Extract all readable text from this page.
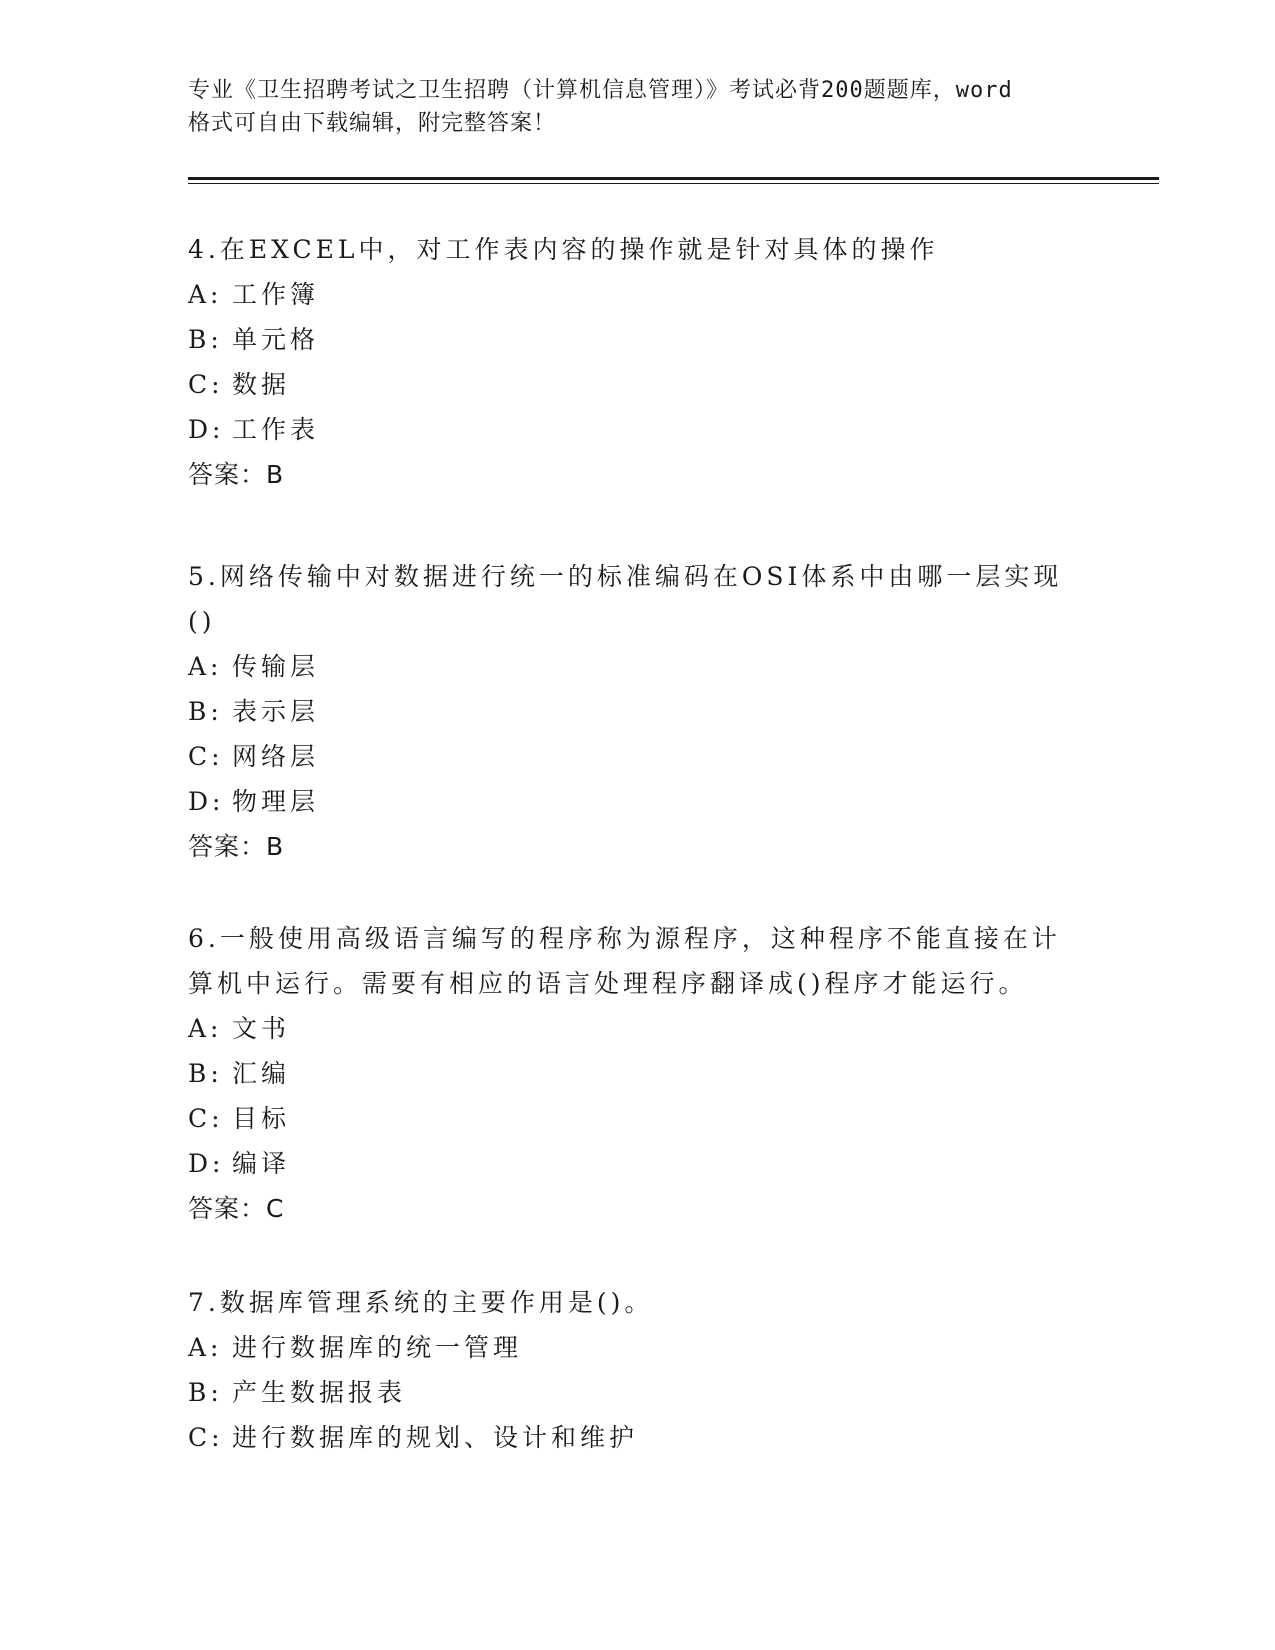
专业《卫生招聘考试之卫生招聘（计算机信息管理）》考试必背200题题库，word
格式可自由下载编辑，附完整答案！

4.在EXCEL中，对工作表内容的操作就是针对具体的操作

A: 工作簿

B: 单元格

C: 数据

D: 工作表

答案：B

5.网络传输中对数据进行统一的标准编码在OSI体系中由哪一层实现()

A: 传输层

B: 表示层

C: 网络层

D: 物理层

答案：B

6.一般使用高级语言编写的程序称为源程序，这种程序不能直接在计算机中运行。需要有相应的语言处理程序翻译成()程序才能运行。

A: 文书

B: 汇编

C: 目标

D: 编译

答案：C

7.数据库管理系统的主要作用是()。

A: 进行数据库的统一管理

B: 产生数据报表

C: 进行数据库的规划、设计和维护
